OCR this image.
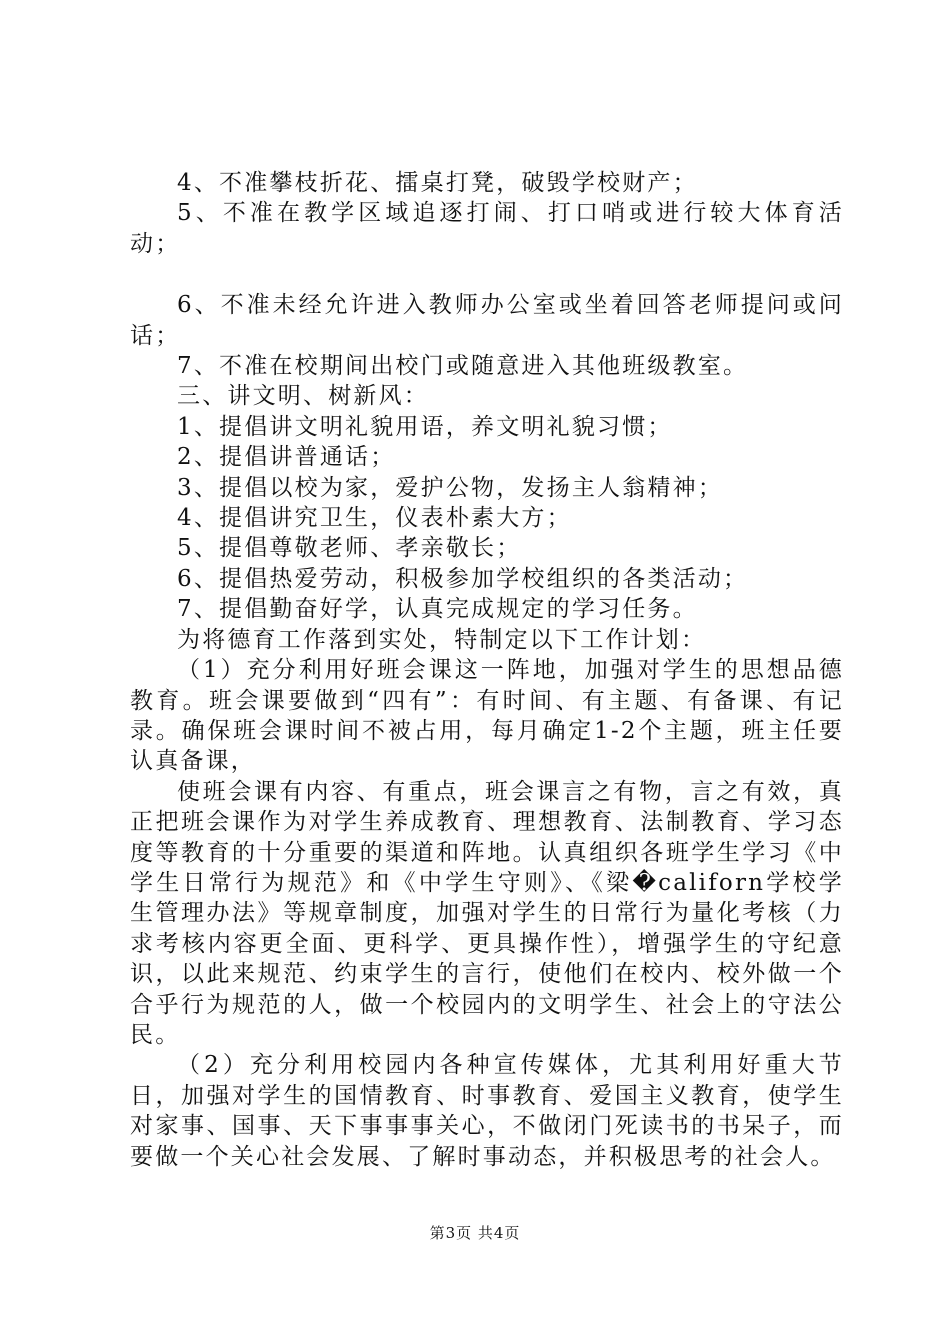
4、不准攀枝折花、擂桌打凳，破毁学校财产；

5、不准在教学区域追逐打闹、打口哨或进行较大体育活动；

6、不准未经允许进入教师办公室或坐着回答老师提问或问话；

7、不准在校期间出校门或随意进入其他班级教室。

三、讲文明、树新风：

1、提倡讲文明礼貌用语，养文明礼貌习惯；

2、提倡讲普通话；

3、提倡以校为家，爱护公物，发扬主人翁精神；

4、提倡讲究卫生，仪表朴素大方；

5、提倡尊敬老师、孝亲敬长；

6、提倡热爱劳动，积极参加学校组织的各类活动；

7、提倡勤奋好学，认真完成规定的学习任务。

为将德育工作落到实处，特制定以下工作计划：

（1）充分利用好班会课这一阵地，加强对学生的思想品德教育。班会课要做到“四有”：有时间、有主题、有备课、有记录。确保班会课时间不被占用，每月确定1-2个主题，班主任要认真备课，

使班会课有内容、有重点，班会课言之有物，言之有效，真正把班会课作为对学生养成教育、理想教育、法制教育、学习态度等教育的十分重要的渠道和阵地。认真组织各班学生学习《中学生日常行为规范》和《中学生守则》、《梁�californ学校学生管理办法》等规章制度，加强对学生的日常行为量化考核（力求考核内容更全面、更科学、更具操作性），增强学生的守纪意识，以此来规范、约束学生的言行，使他们在校内、校外做一个合乎行为规范的人，做一个校园内的文明学生、社会上的守法公民。

（2）充分利用校园内各种宣传媒体，尤其利用好重大节日，加强对学生的国情教育、时事教育、爱国主义教育，使学生对家事、国事、天下事事事关心，不做闭门死读书的书呆子，而要做一个关心社会发展、了解时事动态，并积极思考的社会人。

第3页 共4页
